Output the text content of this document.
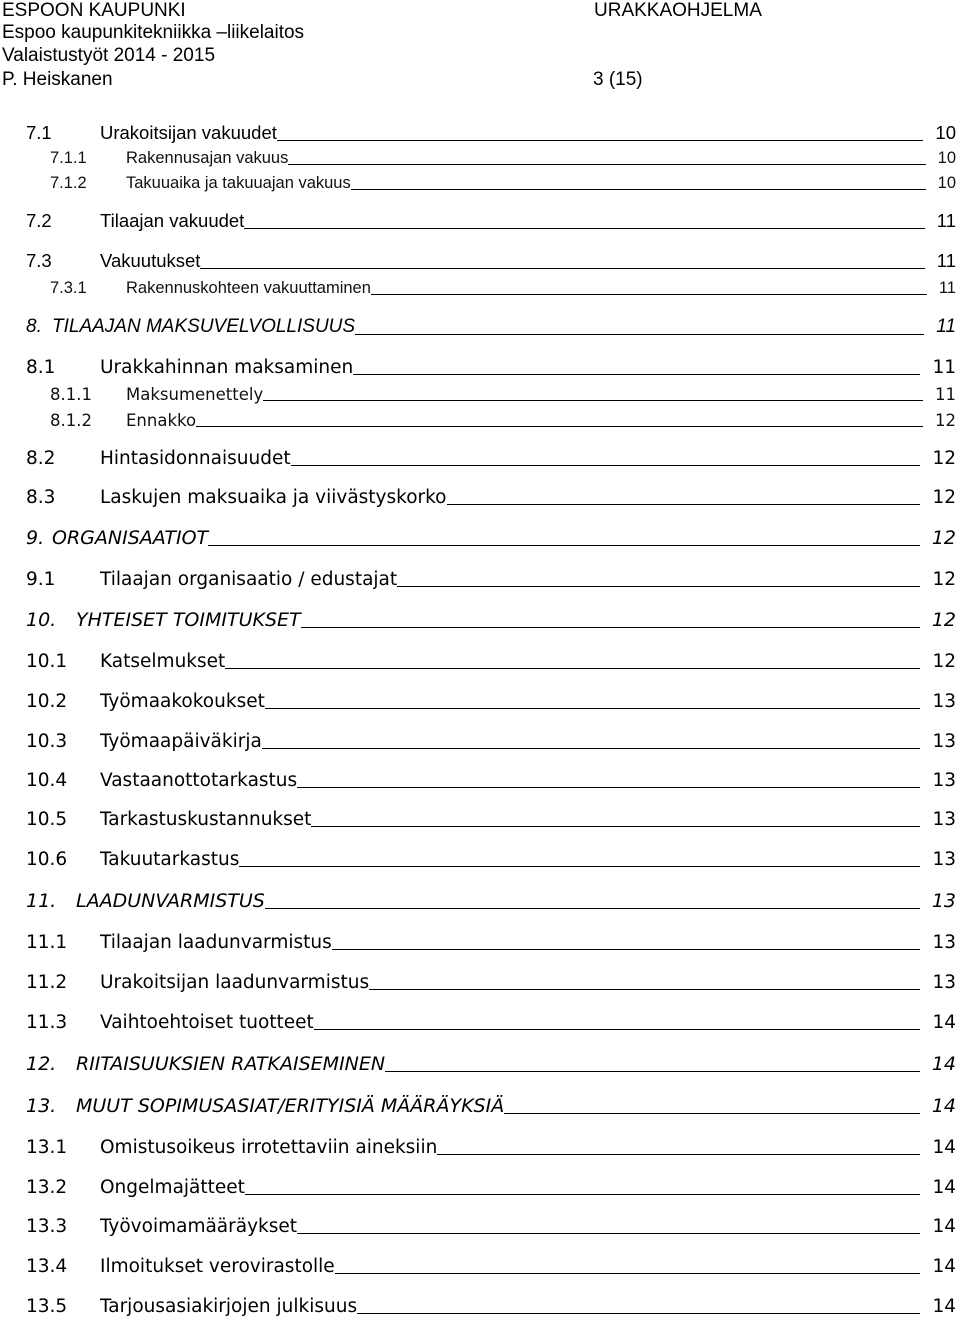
ESPOON KAUPUNKI
Espoo kaupunkitekniikka –liikelaitos
Valaistustyöt 2014 - 2015
P. Heiskanen
URAKKAOHJELMA
3 (15)
7.1	Urakoitsijan vakuudet	10
7.1.1 Rakennusajan vakuus	10
7.1.2 Takuuaika ja takuuajan vakuus	10
7.2	Tilaajan vakuudet	11
7.3	Vakuutukset	11
7.3.1 Rakennuskohteen vakuuttaminen	11
8. TILAAJAN MAKSUVELVOLLISUUS	11
8.1 Urakkahinnan maksaminen	11
8.1.1 Maksumenettely	11
8.1.2 Ennakko	12
8.2 Hintasidonnaisuudet	12
8.3 Laskujen maksuaika ja viivästyskorko	12
9. ORGANISAATIOT	12
9.1 Tilaajan organisaatio / edustajat	12
10. YHTEISET TOIMITUKSET	12
10.1 Katselmukset	12
10.2 Työmaakokoukset	13
10.3 Työmaapäiväkirja	13
10.4 Vastaanottotarkastus	13
10.5 Tarkastuskustannukset	13
10.6 Takuutarkastus	13
11. LAADUNVARMISTUS	13
11.1 Tilaajan laadunvarmistus	13
11.2 Urakoitsijan laadunvarmistus	13
11.3 Vaihtoehtoiset tuotteet	14
12. RIITAISUUKSIEN RATKAISEMINEN	14
13. MUUT SOPIMUSASIAT/ERITYISIÄ MÄÄRÄYKSIÄ	14
13.1 Omistusoikeus irrotettaviin aineksiin	14
13.2 Ongelmajätteet	14
13.3 Työvoimamääräykset	14
13.4 Ilmoitukset verovirastolle	14
13.5 Tarjousasiakirjojen julkisuus	14
